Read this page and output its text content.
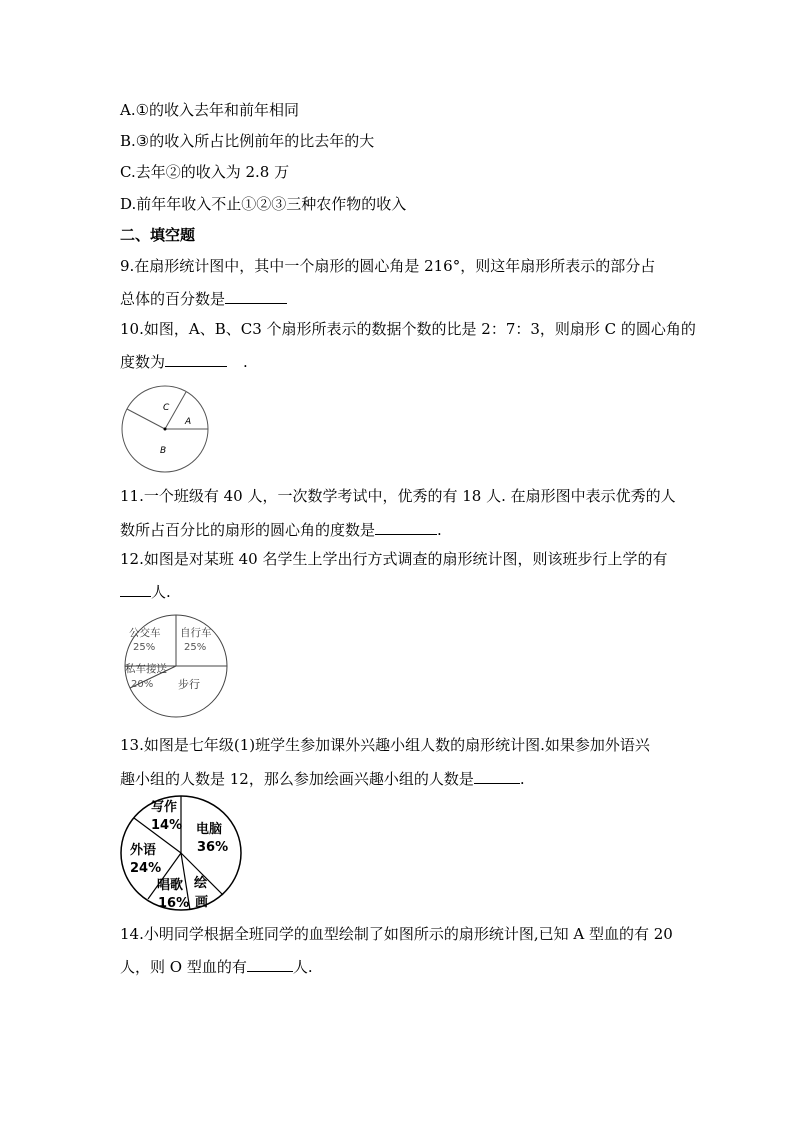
A.①的收入去年和前年相同
B.③的收入所占比例前年的比去年的大
C.去年②的收入为 2.8 万
D.前年年收入不止①②③三种农作物的收入
二、填空题
9.在扇形统计图中，其中一个扇形的圆心角是 216°，则这年扇形所表示的部分占
总体的百分数是
10.如图，A、B、C3 个扇形所表示的数据个数的比是 2：7：3，则扇形 C 的圆心角的
度数为	.
C
A
B
11.一个班级有 40 人，一次数学考试中，优秀的有 18 人. 在扇形图中表示优秀的人
数所占百分比的扇形的圆心角的度数是	.
12.如图是对某班 40 名学生上学出行方式调查的扇形统计图，则该班步行上学的有
人.
公交车
25%
自行车
25%
私车接送
20% 步行
13.如图是七年级(1)班学生参加课外兴趣小组人数的扇形统计图.如果参加外语兴
趣小组的人数是 12，那么参加绘画兴趣小组的人数是	.
写作
14% 电脑
36%
外语
24%
唱歌
16%
绘
画
14.小明同学根据全班同学的血型绘制了如图所示的扇形统计图,已知 A 型血的有 20
人，则 O 型血的有	人.
